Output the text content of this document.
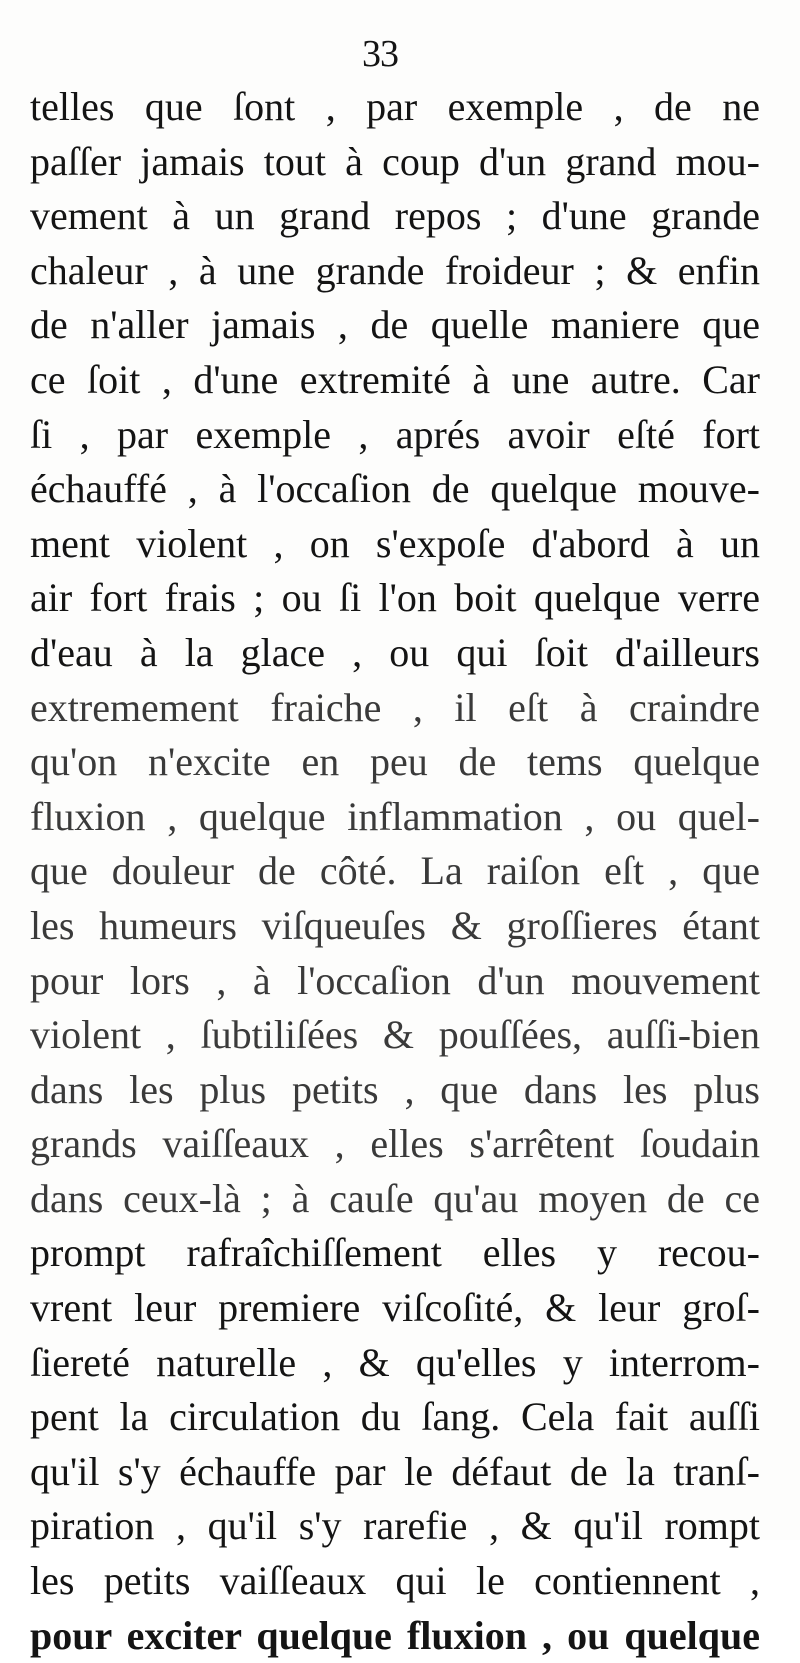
33
telles que ſont , par exemple , de ne
paſſer jamais tout à coup d'un grand mou-
vement à un grand repos ; d'une grande
chaleur , à une grande froideur ; & enfin
de n'aller jamais , de quelle maniere que
ce ſoit , d'une extremité à une autre. Car
ſi , par exemple , aprés avoir eſté fort
échauffé , à l'occaſion de quelque mouve-
ment violent , on s'expoſe d'abord à un
air fort frais ; ou ſi l'on boit quelque verre
d'eau à la glace , ou qui ſoit d'ailleurs
extremement fraiche , il eſt à craindre
qu'on n'excite en peu de tems quelque
fluxion , quelque inflammation , ou quel-
que douleur de côté. La raiſon eſt , que
les humeurs viſqueuſes & groſſieres étant
pour lors , à l'occaſion d'un mouvement
violent , ſubtiliſées & pouſſées, auſſi-bien
dans les plus petits , que dans les plus
grands vaiſſeaux , elles s'arrêtent ſoudain
dans ceux-là ; à cauſe qu'au moyen de ce
prompt rafraîchiſſement elles y recou-
vrent leur premiere viſcoſité, & leur groſ-
ſiereté naturelle , & qu'elles y interrom-
pent la circulation du ſang. Cela fait auſſi
qu'il s'y échauffe par le défaut de la tranſ-
piration , qu'il s'y rarefie , & qu'il rompt
les petits vaiſſeaux qui le contiennent ,
pour exciter quelque fluxion , ou quelque
